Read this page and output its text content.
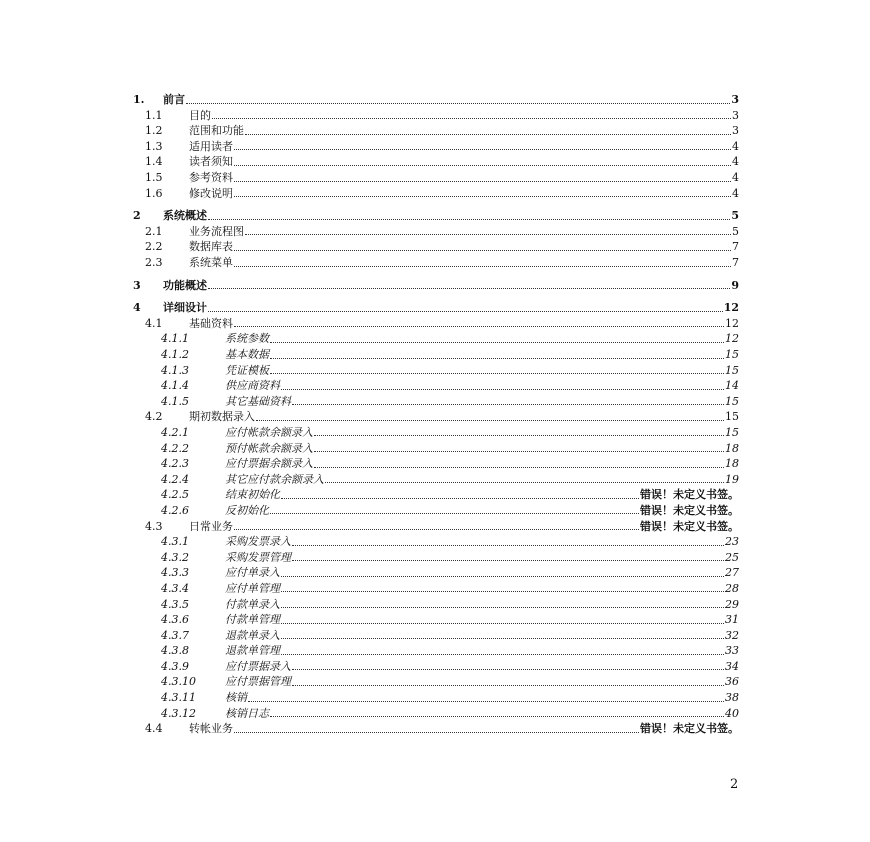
1.	前言	3
1.1	目的	3
1.2	范围和功能	3
1.3	适用读者	4
1.4	读者须知	4
1.5	参考资料	4
1.6	修改说明	4
2	系统概述	5
2.1	业务流程图	5
2.2	数据库表	7
2.3	系统菜单	7
3	功能概述	9
4	详细设计	12
4.1	基础资料	12
4.1.1	系统参数	12
4.1.2	基本数据	15
4.1.3	凭证模板	15
4.1.4	供应商资料	14
4.1.5	其它基础资料	15
4.2	期初数据录入	15
4.2.1	应付帐款余额录入	15
4.2.2	预付帐款余额录入	18
4.2.3	应付票据余额录入	18
4.2.4	其它应付款余额录入	19
4.2.5	结束初始化	错误！未定义书签。
4.2.6	反初始化	错误！未定义书签。
4.3	日常业务	错误！未定义书签。
4.3.1	采购发票录入	23
4.3.2	采购发票管理	25
4.3.3	应付单录入	27
4.3.4	应付单管理	28
4.3.5	付款单录入	29
4.3.6	付款单管理	31
4.3.7	退款单录入	32
4.3.8	退款单管理	33
4.3.9	应付票据录入	34
4.3.10	应付票据管理	36
4.3.11	核销	38
4.3.12	核销日志	40
4.4	转帐业务	错误！未定义书签。
2
